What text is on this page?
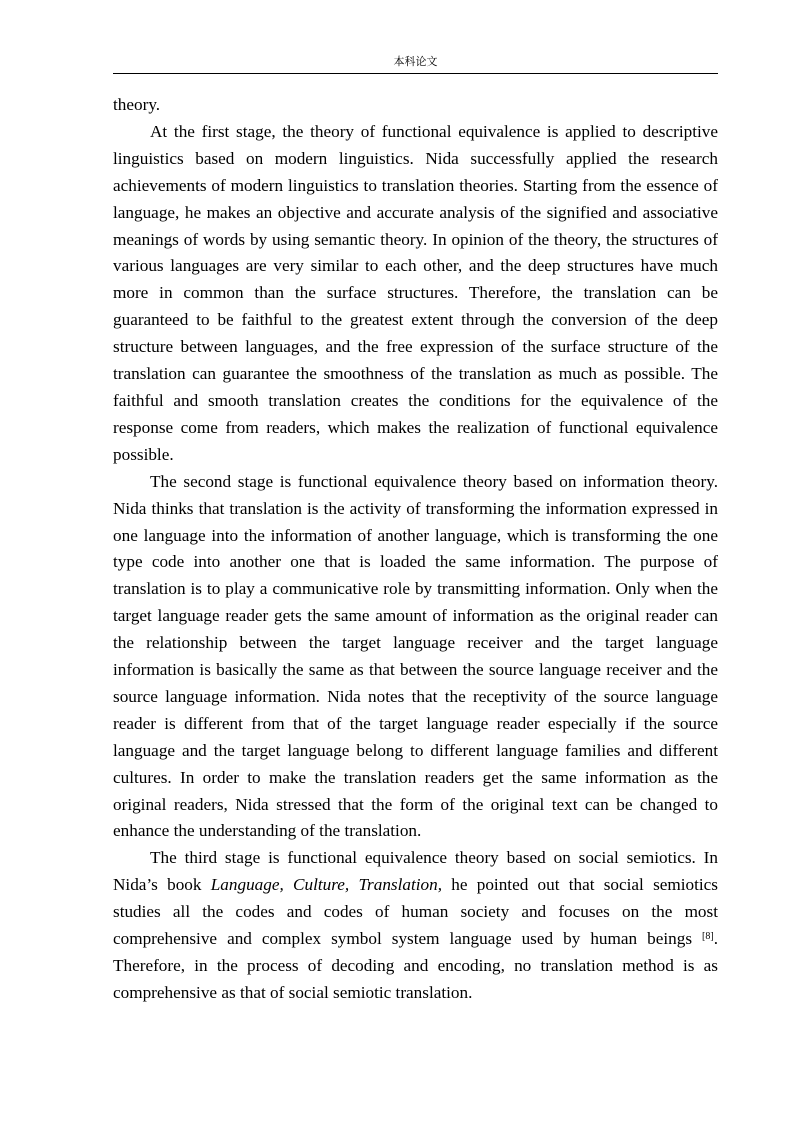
本科论文

theory.

At the first stage, the theory of functional equivalence is applied to descriptive linguistics based on modern linguistics. Nida successfully applied the research achievements of modern linguistics to translation theories. Starting from the essence of language, he makes an objective and accurate analysis of the signified and associative meanings of words by using semantic theory. In opinion of the theory, the structures of various languages are very similar to each other, and the deep structures have much more in common than the surface structures. Therefore, the translation can be guaranteed to be faithful to the greatest extent through the conversion of the deep structure between languages, and the free expression of the surface structure of the translation can guarantee the smoothness of the translation as much as possible. The faithful and smooth translation creates the conditions for the equivalence of the response come from readers, which makes the realization of functional equivalence possible.

The second stage is functional equivalence theory based on information theory. Nida thinks that translation is the activity of transforming the information expressed in one language into the information of another language, which is transforming the one type code into another one that is loaded the same information. The purpose of translation is to play a communicative role by transmitting information. Only when the target language reader gets the same amount of information as the original reader can the relationship between the target language receiver and the target language information is basically the same as that between the source language receiver and the source language information. Nida notes that the receptivity of the source language reader is different from that of the target language reader especially if the source language and the target language belong to different language families and different cultures. In order to make the translation readers get the same information as the original readers, Nida stressed that the form of the original text can be changed to enhance the understanding of the translation.

The third stage is functional equivalence theory based on social semiotics. In Nida’s book Language, Culture, Translation, he pointed out that social semiotics studies all the codes and codes of human society and focuses on the most comprehensive and complex symbol system language used by human beings [8]. Therefore, in the process of decoding and encoding, no translation method is as comprehensive as that of social semiotic translation.
